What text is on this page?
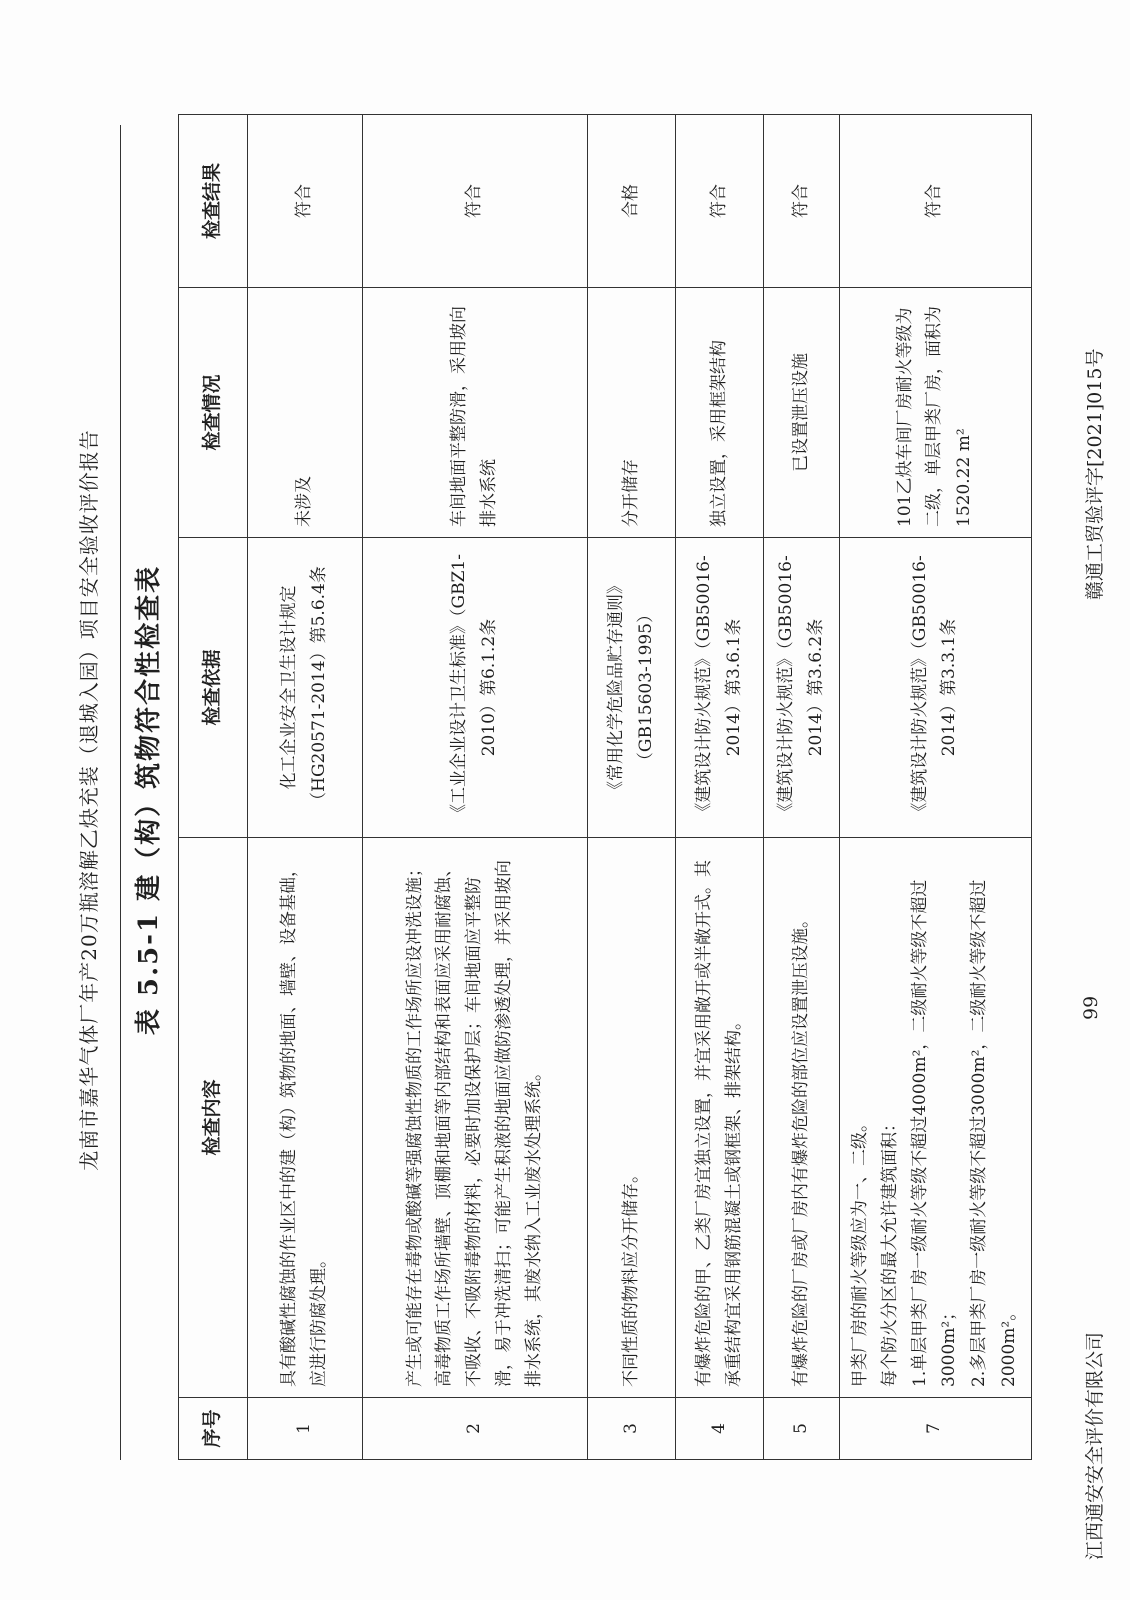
龙南市嘉华气体厂年产20万瓶溶解乙炔充装（退城入园）项目安全验收评价报告 表 5.5-1 建（构）筑物符合性检查表
序号	检查内容	检查依据	检查情况	检查结果
1	具有酸碱性腐蚀的作业区中的建（构）筑物的地面、墙壁、设备基础，应进行防腐处理。	化工企业安全卫生设计规定（HG20571-2014）第5.6.4条	未涉及	符合
2	产生或可能存在毒物或酸碱等强腐蚀性物质的工作场所应设冲洗设施；高毒物质工作场所墙壁、顶棚和地面等内部结构和表面应采用耐腐蚀、不吸收、不吸附毒物的材料，必要时加设保护层；车间地面应平整防滑，易于冲洗清扫；可能产生积液的地面应做防渗透处理，并采用坡向排水系统，其废水纳入工业废水处理系统。	《工业企业设计卫生标准》（GBZ1-2010）第6.1.2条	车间地面平整防滑，采用坡向排水系统	符合
3	不同性质的物料应分开储存。	《常用化学危险品贮存通则》（GB15603-1995）	分开储存	合格
4	有爆炸危险的甲、乙类厂房宜独立设置，并宜采用敞开或半敞开式。其承重结构宜采用钢筋混凝土或钢框架、排架结构。	《建筑设计防火规范》（GB50016-2014）第3.6.1条	独立设置，采用框架结构	符合
5	有爆炸危险的厂房或厂房内有爆炸危险的部位应设置泄压设施。	《建筑设计防火规范》（GB50016-2014）第3.6.2条	已设置泄压设施	符合
7	甲类厂房的耐火等级应为一、二级。 每个防火分区的最大允许建筑面积： 1.单层甲类厂房一级耐火等级不超过4000m²，二级耐火等级不超过3000m²； 2.多层甲类厂房一级耐火等级不超过3000m²，二级耐火等级不超过2000m²。	《建筑设计防火规范》（GB50016-2014）第3.3.1条	101乙炔车间厂房耐火等级为二级，单层甲类厂房，面积为1520.22 m²	符合
江西通安安全评价有限公司
99
赣通工贸验评字[2021]015号
